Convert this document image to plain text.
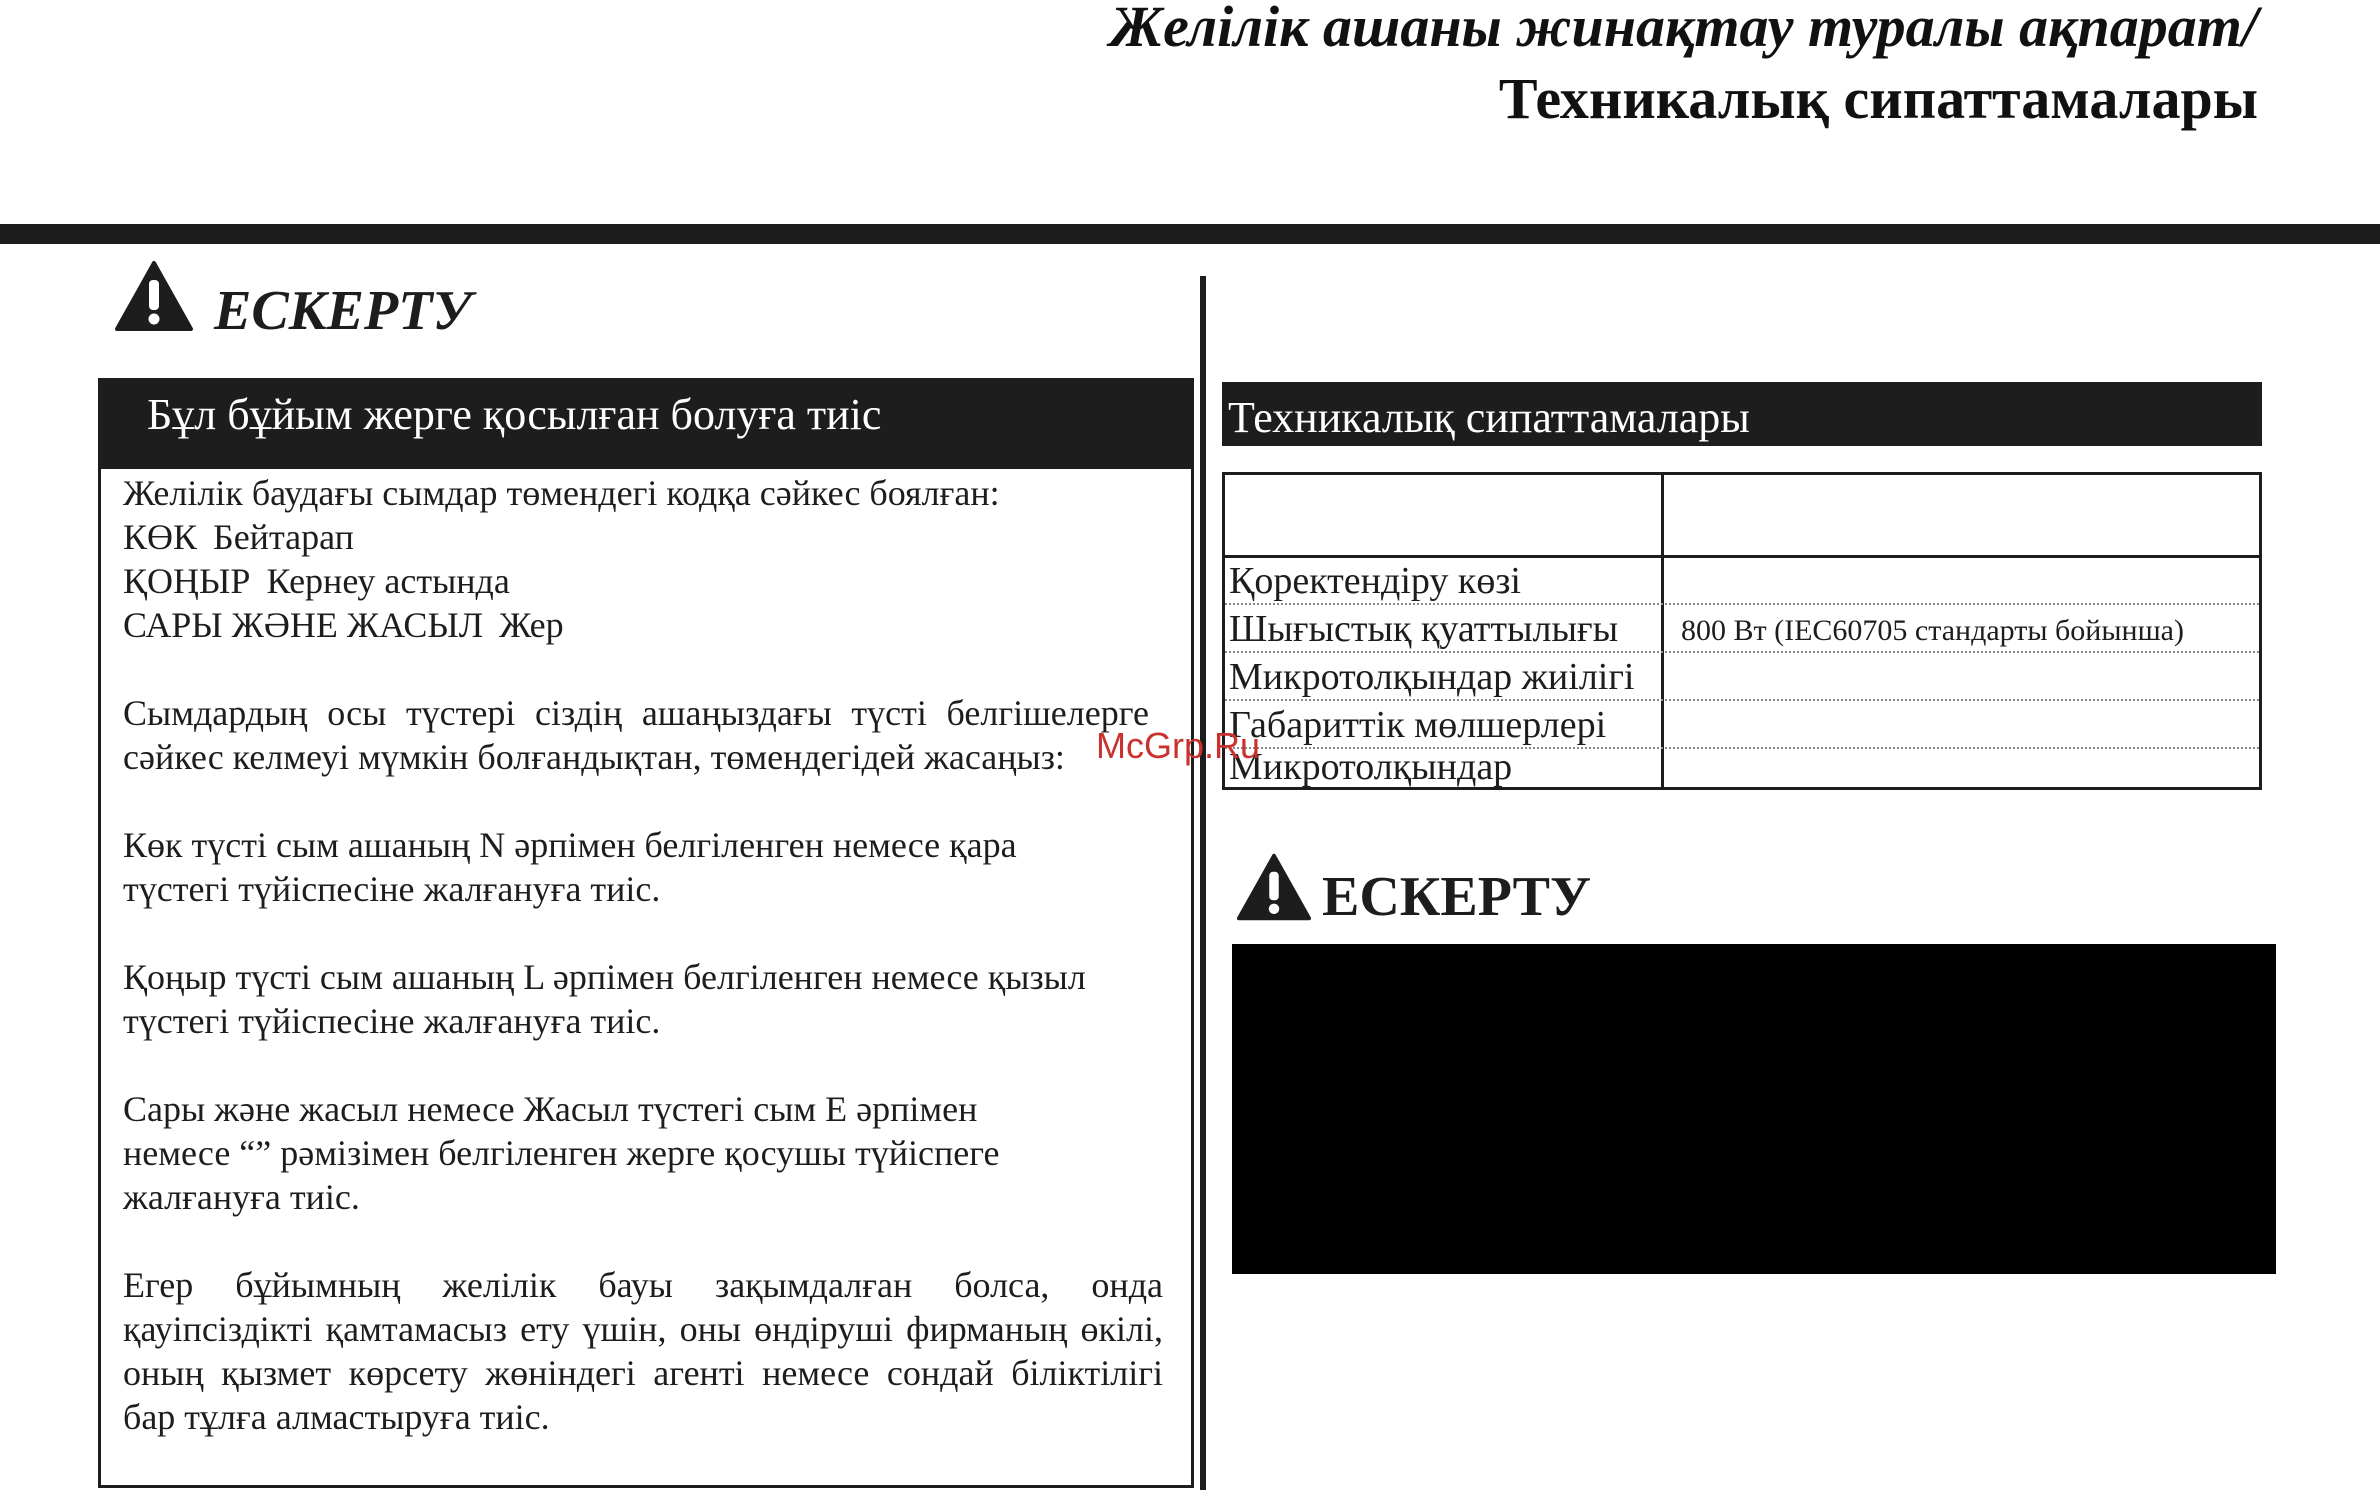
Желілік ашаны жинақтау туралы ақпарат/
Техникалық сипаттамалары
ЕСКЕРТУ
Бұл бұйым жерге қосылған болуға тиіс

Желілік баудағы сымдар төмендегі кодқа сәйкес боялған:
КӨК Бейтарап
ҚОҢЫР Кернеу астында
САРЫ ЖӘНЕ ЖАСЫЛ Жер

Сымдардың осы түстері сіздің ашаңыздағы түсті белгішелерге сәйкес келмеуі мүмкін болғандықтан, төмендегідей жасаңыз:

Көк түсті сым ашаның N әрпімен белгіленген немесе қара
түстегі түйіспесіне жалғануға тиіс.

Қоңыр түсті сым ашаның L әрпімен белгіленген немесе қызыл
түстегі түйіспесіне жалғануға тиіс.

Сары және жасыл немесе Жасыл түстегі сым E әрпімен
немесе “” рәмізімен белгіленген жерге қосушы түйіспеге
жалғануға тиіс.

Егер бұйымның желілік бауы зақымдалған болса, онда қауіпсіздікті қамтамасыз ету үшін, оны өндіруші фирманың өкілі, оның қызмет көрсету жөніндегі агенті немесе сондай біліктілігі бар тұлға алмастыруға тиіс.

Техникалық сипаттамалары
Қоректендіру көзі
Шығыстық қуаттылығы 800 Вт (IEC60705 стандарты бойынша)
Микротолқындар жиілігі
Габариттік мөлшерлері
Микротолқындар
ЕСКЕРТУ
McGrp.Ru
